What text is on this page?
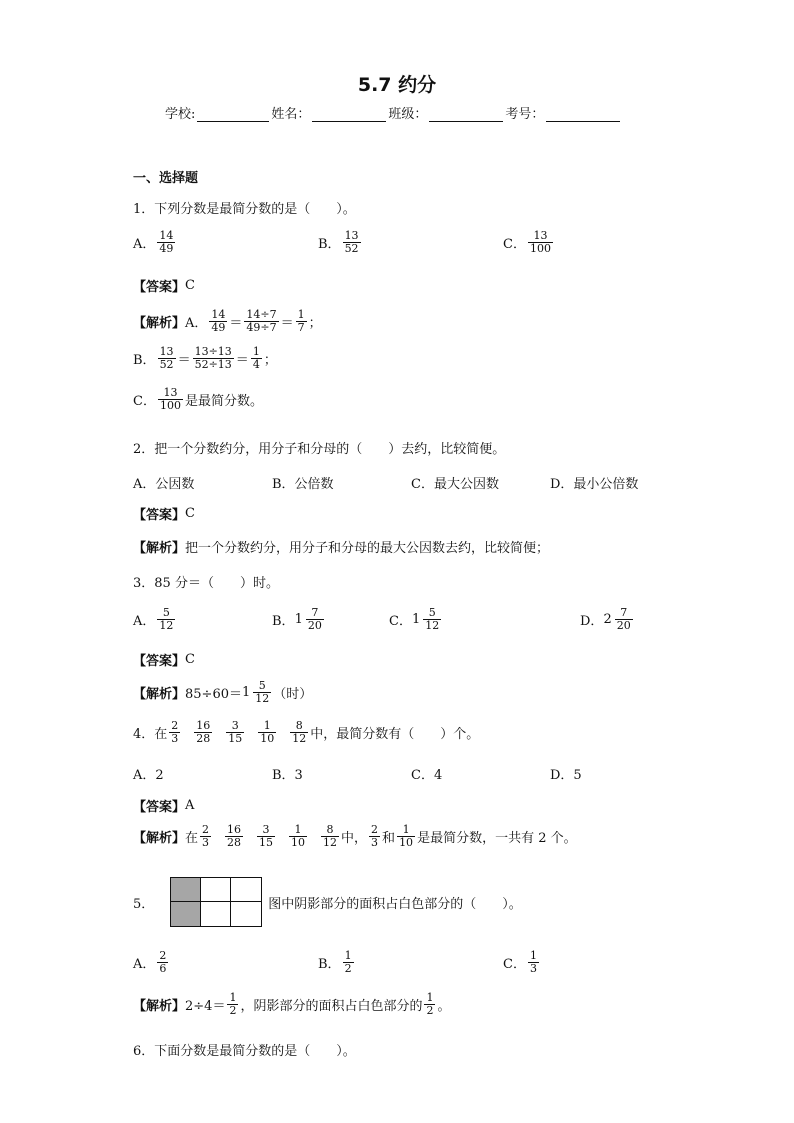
5.7 约分
学校:	姓名：	班级：	考号：
一、选择题
1．下列分数是最简分数的是（　　）。
A． $\frac{14}{49}$	B． $\frac{13}{52}$	C． $\frac{13}{100}$
【答案】 C
【解析】 A． $\frac{14}{49} = \frac{14\div 7}{49\div 7} = \frac{1}{7}$ ；
B． $\frac{13}{52} = \frac{13\div 13}{52\div 13} = \frac{1}{4}$ ；
C． $\frac{13}{100}$ 是最简分数。
2．把一个分数约分，用分子和分母的（　　）去约，比较简便。
A．公因数	B．公倍数	C．最大公因数	D．最小公倍数
【答案】 C
【解析】 把一个分数约分，用分子和分母的最大公因数去约，比较简便；
3．85 分＝（　　）时。
A． $\frac{5}{12}$	B． $1 \frac{7}{20}$	C． $1 \frac{5}{12}$	D． $2 \frac{7}{20}$
【答案】 C
【解析】 $85\div 60= 1 \frac{5}{12}$ （时）
4．在 $\frac{2}{3} \frac{16}{28} \frac{3}{15} \frac{1}{10} \frac{8}{12}$ 中，最简分数有（　　）个。
A．2	B．3	C．4	D．5
【答案】 A
【解析】 在 $\frac{2}{3} \frac{16}{28} \frac{3}{15} \frac{1}{10} \frac{8}{12}$ 中， $\frac{2}{3}$ 和 $\frac{1}{10}$ 是最简分数，一共有 2 个。
5．	图中阴影部分的面积占白色部分的（　　）。
A． $\frac{2}{6}$	B． $\frac{1}{2}$	C． $\frac{1}{3}$
【解析】 $2\div 4= \frac{1}{2}$ ，阴影部分的面积占白色部分的 $\frac{1}{2}$ 。
6．下面分数是最简分数的是（　　）。
